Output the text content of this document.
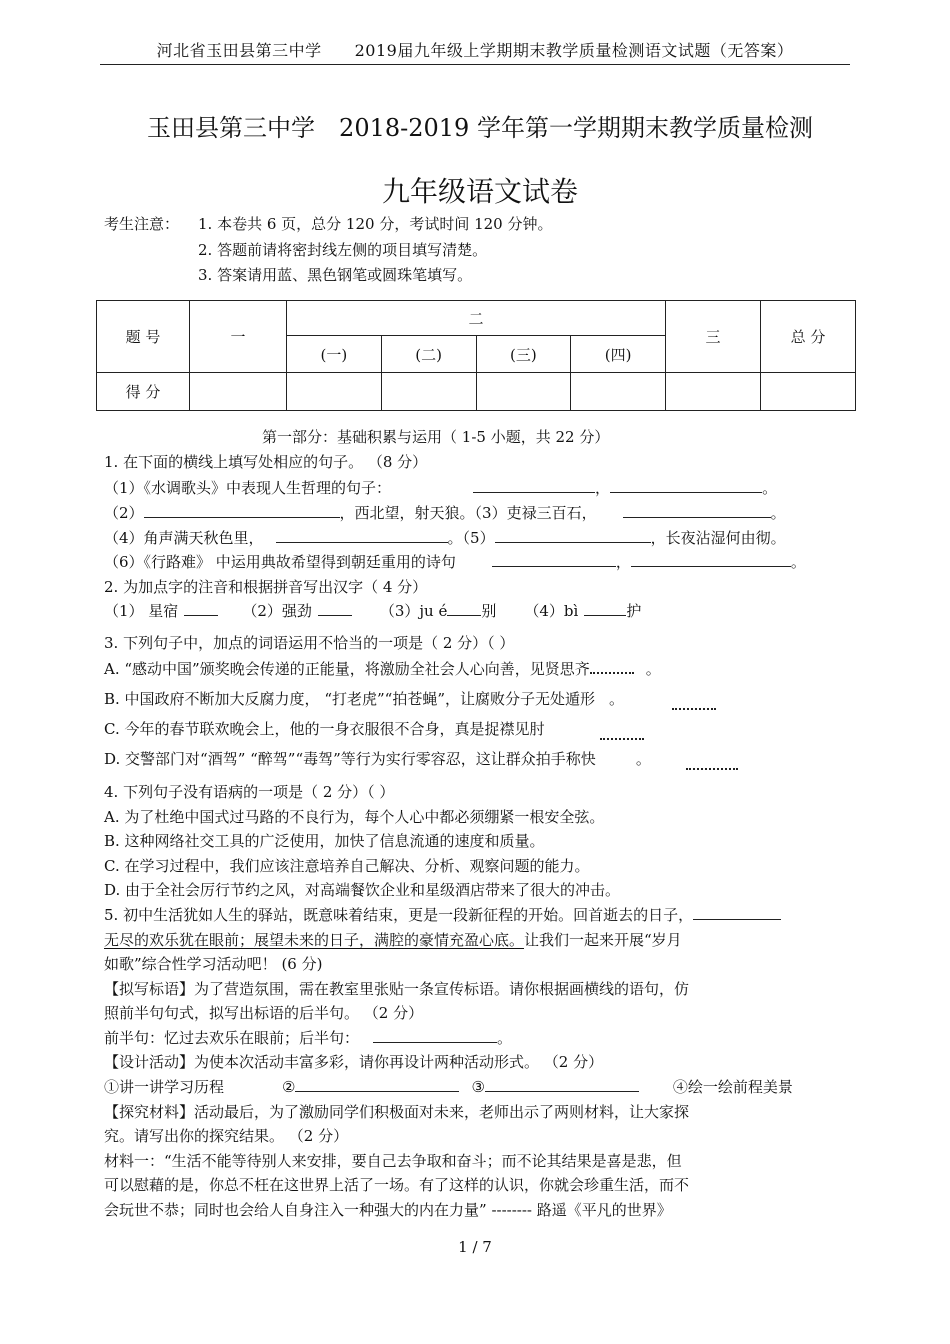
河北省玉田县第三中学　　2019届九年级上学期期末教学质量检测语文试题（无答案）
玉田县第三中学　2018-2019 学年第一学期期末教学质量检测
九年级语文试卷
考生注意： 1. 本卷共 6 页，总分 120 分，考试时间 120 分钟。
2. 答题前请将密封线左侧的项目填写清楚。
3. 答案请用蓝、黑色钢笔或圆珠笔填写。
题 号	一	二				三	总 分
		(一)	(二)	(三)	(四)		
得 分							
第一部分：基础积累与运用（ 1-5 小题，共 22 分）
1. 在下面的横线上填写处相应的句子。 （8 分）
（1）《水调歌头》中表现人生哲理的句子：	，	。
（2）	，西北望，射天狼。（3）吏禄三百石，	。
（4）角声满天秋色里，	。（5）	，长夜沾湿何由彻。
（6）《行路难》 中运用典故希望得到朝廷重用的诗句	，	。
2. 为加点字的注音和根据拼音写出汉字（ 4 分）
（1） 星宿	（2）强劲	（3）ju é 别 （4）bì	护
3. 下列句子中，加点的词语运用不恰当的一项是（ 2 分）（ ）
A. “感动中国”颁奖晚会传递的正能量，将激励全社会人心向善，见贤思齐	。
B. 中国政府不断加大反腐力度， “打老虎”“拍苍蝇”，让腐败分子无处遁形 。
C. 今年的春节联欢晚会上，他的一身衣服很不合身，真是捉襟见肘
D. 交警部门对“酒驾” “醉驾”“毒驾”等行为实行零容忍，这让群众拍手称快	。
4. 下列句子没有语病的一项是（ 2 分）（ ）
A. 为了杜绝中国式过马路的不良行为，每个人心中都必须绷紧一根安全弦。
B. 这种网络社交工具的广泛使用，加快了信息流通的速度和质量。
C. 在学习过程中，我们应该注意培养自己解决、分析、观察问题的能力。
D. 由于全社会厉行节约之风，对高端餐饮企业和星级酒店带来了很大的冲击。
5. 初中生活犹如人生的驿站，既意味着结束，更是一段新征程的开始。回首逝去的日子，
无尽的欢乐犹在眼前；展望未来的日子，满腔的豪情充盈心底。让我们一起来开展“岁月
如歌”综合性学习活动吧！ (6 分)
【拟写标语】为了营造氛围，需在教室里张贴一条宣传标语。请你根据画横线的语句，仿
照前半句句式，拟写出标语的后半句。 （2 分）
前半句：忆过去欢乐在眼前；后半句：	。
【设计活动】为使本次活动丰富多彩，请你再设计两种活动形式。 （2 分）
①讲一讲学习历程	②	③	④绘一绘前程美景
【探究材料】活动最后，为了激励同学们积极面对未来，老师出示了两则材料，让大家探
究。请写出你的探究结果。 （2 分）
材料一：“生活不能等待别人来安排，要自己去争取和奋斗；而不论其结果是喜是悲，但
可以慰藉的是，你总不枉在这世界上活了一场。有了这样的认识，你就会珍重生活，而不
会玩世不恭；同时也会给人自身注入一种强大的内在力量” -------- 路遥《平凡的世界》
1 / 7
